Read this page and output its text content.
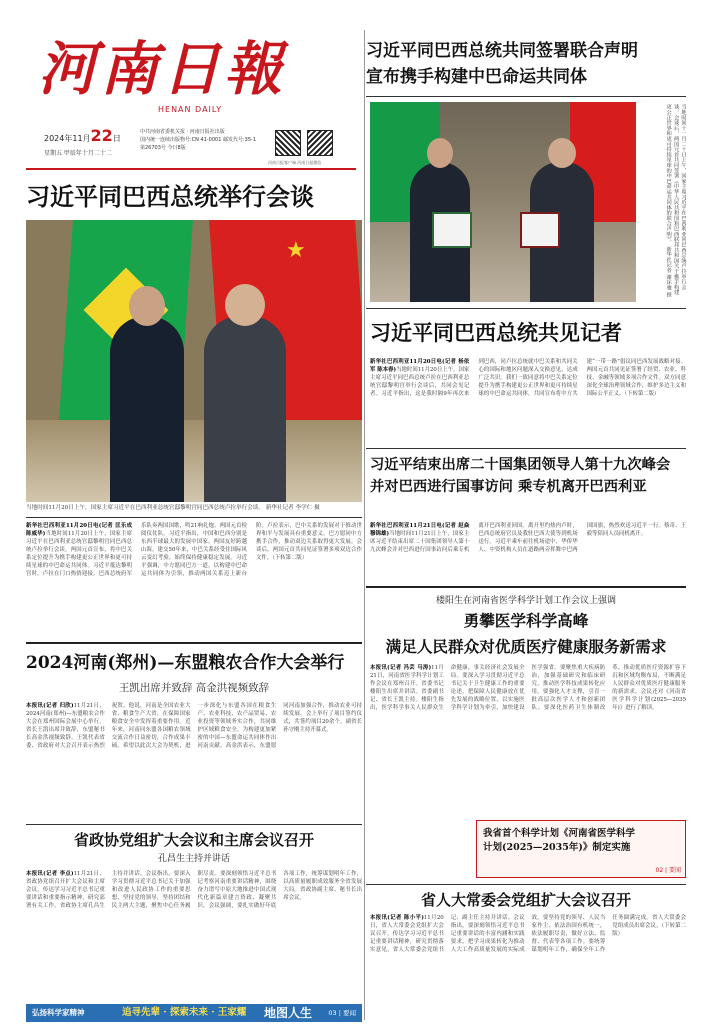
河南日報
HENAN DAILY
2024年11月22日
星期五 甲辰年十月二十二
中共河南省委机关报 · 河南日报社出版
国内统一连续出版物号:CN 41-0001 邮发代号:35-1
第26703号 今日8版
河南日报客户端 河南日报微信
习近平同巴西总统共同签署联合声明
宣布携手构建中巴命运共同体
当地时间十一月二十日上午，国家主席习近平在巴西利亚同巴西总统卢拉举行会谈。会谈后，两国元首共同签署《中华人民共和国和巴西联邦共和国关于携手构建更公正世界和更可持续星球的中巴命运共同体的联合声明》。 新华社记者 谢环驰 摄
习近平同巴西总统举行会谈
★
当地时间11月20日上午，国家主席习近平在巴西利亚总统官邸黎明宫同巴西总统卢拉举行会谈。 新华社记者 李学仁 摄
新华社巴西利亚11月20日电(记者 匡乐成 陈威华)当地时间11月20日上午，国家主席习近平在巴西利亚总统官邸黎明宫同巴西总统卢拉举行会谈。两国元首宣布，将中巴关系定位提升为携手构建更公正世界和更可持续星球的中巴命运共同体。习近平抵达黎明宫时，卢拉在门口热情迎接。巴西总统府军乐队奏两国国歌，鸣21响礼炮。两国元首检阅仪仗队。习近平指出，中国和巴西分别是东西半球最大的发展中国家，两国友好跨越山海。建交50年来，中巴关系经受住国际风云变幻考验，始终保持健康稳定发展。习近平强调，中方愿同巴方一道，以构建中巴命运共同体为引领，推动两国关系迈上新台阶。卢拉表示，巴中关系的发展对于推动世界和平与发展具有重要意义。巴方愿同中方携手合作，推动双边关系取得更大发展。会谈后，两国元首共同见证签署多项双边合作文件。（下转第二版）
习近平同巴西总统共见记者
新华社巴西利亚11月20日电(记者 杨依军 陈本春)当地时间11月20日上午，国家主席习近平同巴西总统卢拉在巴西利亚总统官邸黎明宫举行会谈后，共同会见记者。习近平指出，这是我时隔9年再次来到巴西，同卢拉总统就中巴关系和共同关心的国际和地区问题深入交换意见，达成广泛共识。我们一致同意将中巴关系定位提升为携手构建更公正世界和更可持续星球的中巴命运共同体，共同宣布将中方共建“一带一路”倡议同巴西发展战略对接。两国元首共同见证签署了经贸、农业、科技、金融等领域多项合作文件。双方同意深化全球治理领域合作，维护多边主义和国际公平正义。（下转第二版）
习近平结束出席二十国集团领导人第十九次峰会
并对巴西进行国事访问 乘专机离开巴西利亚
新华社巴西利亚11月21日电(记者 赵焱 穆锦雄)当地时间11月21日上午，国家主席习近平结束出席二十国集团领导人第十九次峰会并对巴西进行国事访问后乘专机离开巴西利亚回国。离开里约热内卢时，巴西总统府官员及我驻巴西大使等到机场送行。习近平乘车前往机场途中，华侨华人、中资机构人员在道路两旁挥舞中巴两国国旗，热烈欢送习近平一行。蔡奇、王毅等陪同人员同机离开。
2024河南(郑州)—东盟粮农合作大会举行
王凯出席并致辞 高金洪视频致辞
本报讯(记者 归欣)11月21日，2024河南(郑州)—东盟粮农合作大会在郑州国际会展中心举行。省长王凯出席并致辞，东盟秘书长高金洪视频致辞。王凯代表省委、省政府对大会召开表示热烈祝贺。他说，河南是全国农业大省、粮食生产大省，在保障国家粮食安全中发挥着重要作用。近年来，河南同东盟各国粮农领域交流合作日益密切，合作成果丰硕。希望以此次大会为契机，进一步深化与东盟各国在粮食生产、农业科技、农产品贸易、农业投资等领域务实合作，共同维护区域粮食安全，为构建更加紧密的中国—东盟命运共同体作出河南贡献。高金洪表示，东盟愿同河南加强合作，推动农业可持续发展。会上举行了项目签约仪式，共签约项目20余个。副省长孙守刚主持开幕式。
省政协党组扩大会议和主席会议召开
孔昌生主持并讲话
本报讯(记者 李点)11月21日，省政协党组召开扩大会议和主席会议，传达学习习近平总书记重要讲话和重要指示精神，研究部署有关工作。省政协主席孔昌生主持并讲话。会议指出，要深入学习贯彻习近平总书记关于加强和改进人民政协工作的重要思想，坚持党的领导，坚持团结和民主两大主题，聚焦中心任务履职尽责。要深刻领悟习近平总书记考察河南重要讲话精神，围绕奋力谱写中原大地推进中国式现代化新篇章建言资政、凝聚共识。会议强调，要扎实做好年底各项工作，统筹谋划明年工作，以高质量履职成效服务全省发展大局。省政协副主席、秘书长出席会议。
楼阳生在河南省医学科学计划工作会议上强调
勇攀医学科学高峰
满足人民群众对优质医疗健康服务新需求
本报讯(记者 冯芸 马涛)11月21日，河南省医学科学计划工作会议在郑州召开。省委书记楼阳生出席并讲话。省委副书记、省长王凯主持。楼阳生指出，医学科学事关人民群众生命健康，事关经济社会发展全局。要深入学习贯彻习近平总书记关于卫生健康工作的重要论述，把保障人民健康放在优先发展的战略位置，以实施医学科学计划为牵引，加快建设医学强省。要聚焦重大疾病防治，加强基础研究和临床研究，推动医学科技成果转化应用。要强化人才支撑，引育一批高层次医学人才和创新团队。要深化医药卫生体制改革，推动优质医疗资源扩容下沉和区域均衡布局，不断满足人民群众对优质医疗健康服务的新需求。会议还对《河南省医学科学计划(2025—2035年)》进行了解读。
我省首个科学计划《河南省医学科学
计划(2025—2035年)》制定实施
02 | 要闻
省人大常委会党组扩大会议召开
本报讯(记者 陈小平)11月20日，省人大常委会党组扩大会议召开，传达学习习近平总书记重要讲话精神，研究贯彻落实意见。省人大常委会党组书记、副主任主持并讲话。会议指出，要深刻领悟习近平总书记重要讲话的丰富内涵和实践要求，把学习成果转化为推动人大工作高质量发展的实际成效。要坚持党的领导、人民当家作主、依法治国有机统一，依法履职尽责，做好立法、监督、代表等各项工作。要统筹谋划明年工作，确保全年工作任务圆满完成。省人大常委会党组成员出席会议。（下转第二版）
弘扬科学家精神	追寻先辈 · 探索未来 · 王家耀 地图人生	03 | 要闻
